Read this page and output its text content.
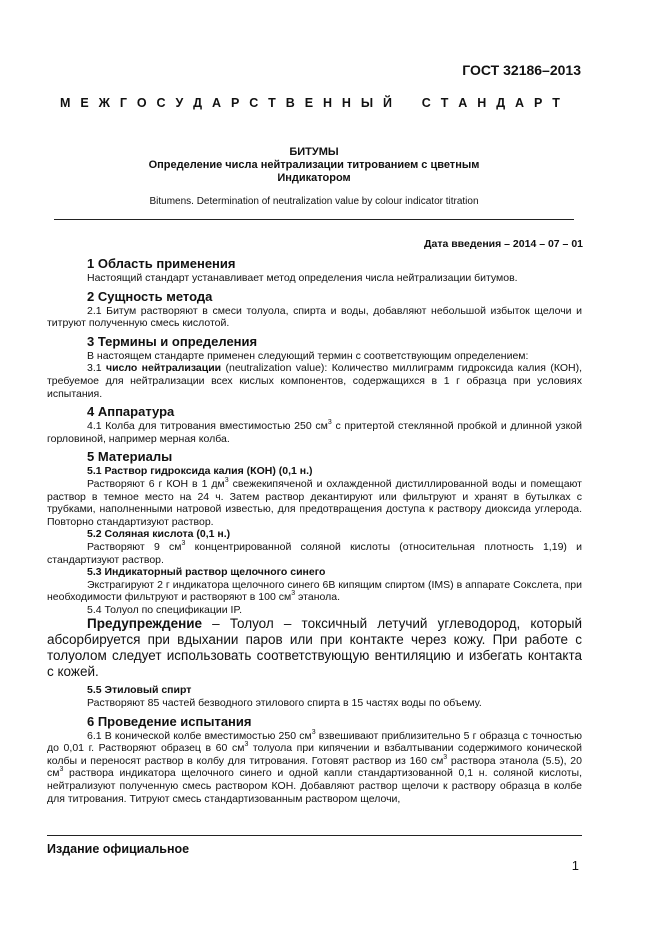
ГОСТ 32186–2013
М Е Ж Г О С У Д А Р С Т В Е Н Н Ы Й С Т А Н Д А Р Т
БИТУМЫ
Определение числа нейтрализации титрованием с цветным
Индикатором
Bitumens. Determination of neutralization value by colour indicator titration
Дата введения – 2014 – 07 – 01
1 Область применения

Настоящий стандарт устанавливает метод определения числа нейтрализации битумов.

2 Сущность метода

2.1 Битум растворяют в смеси толуола, спирта и воды, добавляют небольшой избыток щелочи и титруют полученную смесь кислотой.

3 Термины и определения

В настоящем стандарте применен следующий термин с соответствующим определением:

3.1 число нейтрализации (neutralization value): Количество миллиграмм гидроксида калия (КОН), требуемое для нейтрализации всех кислых компонентов, содержащихся в 1 г образца при условиях испытания.

4 Аппаратура

4.1 Колба для титрования вместимостью 250 $см^3$ с притертой стеклянной пробкой и длинной узкой горловиной, например мерная колба.

5 Материалы
5.1 Раствор гидроксида калия (КОН) (0,1 н.)

Растворяют 6 г КОН в 1 $дм^3$ свежекипяченой и охлажденной дистиллированной воды и помещают раствор в темное место на 24 ч. Затем раствор декантируют или фильтруют и хранят в бутылках с трубками, наполненными натровой известью, для предотвращения доступа к раствору диоксида углерода. Повторно стандартизуют раствор.

5.2 Соляная кислота (0,1 н.)

Растворяют 9 $см^3$ концентрированной соляной кислоты (относительная плотность 1,19) и стандартизуют раствор.

5.3 Индикаторный раствор щелочного синего

Экстрагируют 2 г индикатора щелочного синего 6В кипящим спиртом (IMS) в аппарате Сокслета, при необходимости фильтруют и растворяют в 100 $см^3$ этанола.

5.4 Толуол по спецификации IP.

Предупреждение – Толуол – токсичный летучий углеводород, который абсорбируется при вдыхании паров или при контакте через кожу. При работе с толуолом следует использовать соответствующую вентиляцию и избегать контакта с кожей.

5.5 Этиловый спирт

Растворяют 85 частей безводного этилового спирта в 15 частях воды по объему.

6 Проведение испытания

6.1 В конической колбе вместимостью 250 $см^3$ взвешивают приблизительно 5 г образца с точностью до 0,01 г. Растворяют образец в 60 $см^3$ толуола при кипячении и взбалтывании содержимого конической колбы и переносят раствор в колбу для титрования. Готовят раствор из 160 $см^3$ раствора этанола (5.5), 20 $см^3$ раствора индикатора щелочного синего и одной капли стандартизованной 0,1 н. соляной кислоты, нейтрализуют полученную смесь раствором КОН. Добавляют раствор щелочи к раствору образца в колбе для титрования. Титруют смесь стандартизованным раствором щелочи,

Издание официальное
1
